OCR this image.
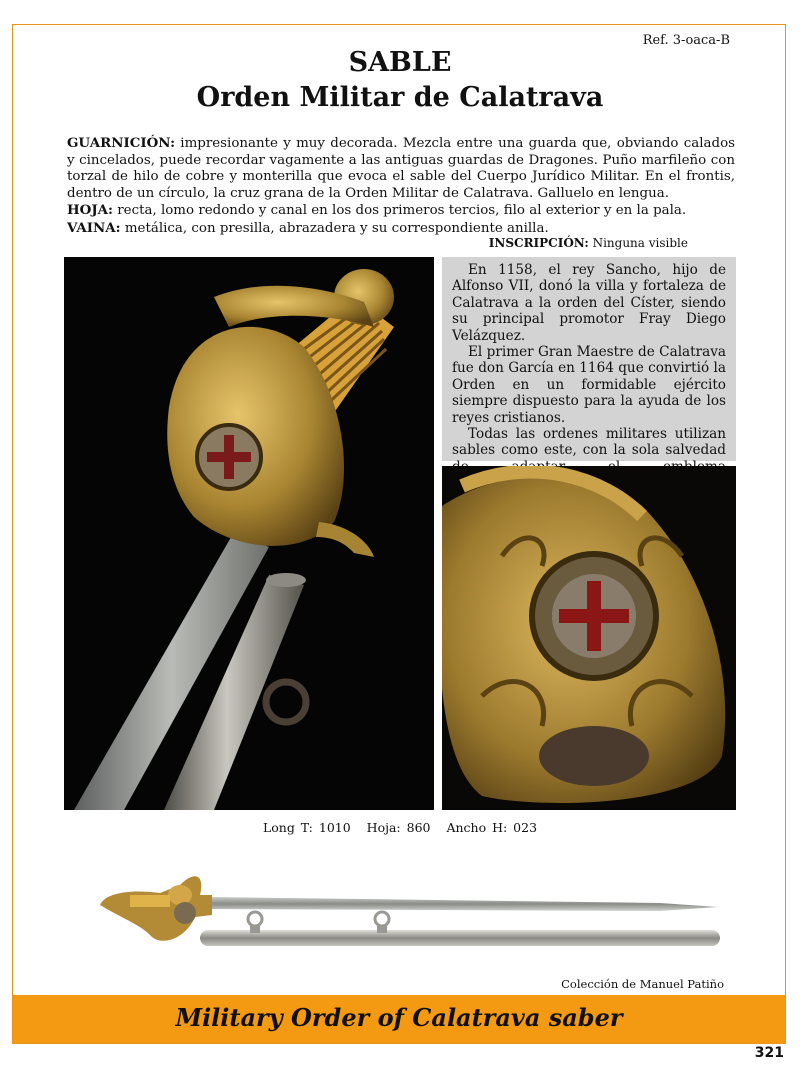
Ref. 3-oaca-B
SABLE
Orden Militar de Calatrava
GUARNICIÓN: impresionante y muy decorada. Mezcla entre una guarda que, obviando calados y cincelados, puede recordar vagamente a las antiguas guardas de Dragones. Puño marfileño con torzal de hilo de cobre y monterilla que evoca el sable del Cuerpo Jurídico Militar. En el frontis, dentro de un círculo, la cruz grana de la Orden Militar de Calatrava. Galluelo en lengua.
HOJA: recta, lomo redondo y canal en los dos primeros tercios, filo al exterior y en la pala.
VAINA: metálica, con presilla, abrazadera y su correspondiente anilla.
INSCRIPCIÓN: Ninguna visible

En 1158, el rey Sancho, hijo de Alfonso VII, donó la villa y fortaleza de Calatrava a la orden del Císter, siendo su principal promotor Fray Diego Velázquez.

El primer Gran Maestre de Calatrava fue don García en 1164 que convirtió la Orden en un formidable ejército siempre dispuesto para la ayuda de los reyes cristianos.

Todas las ordenes militares utilizan sables como este, con la sola salvedad

Long T: 1010 Hoja: 860 Ancho H: 023
Colección de Manuel Patiño
Military Order of Calatrava saber
321
